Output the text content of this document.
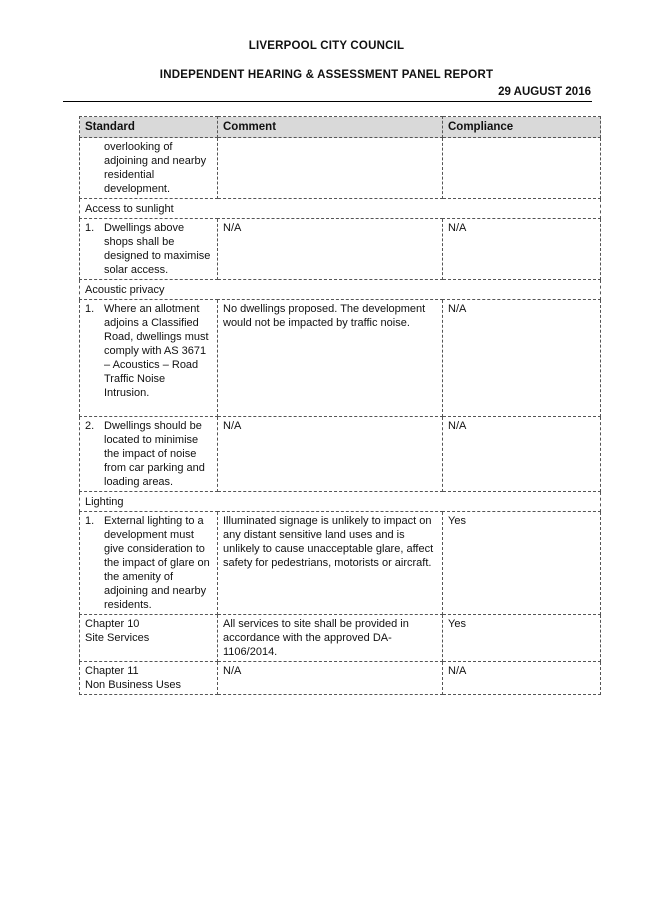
LIVERPOOL CITY COUNCIL
INDEPENDENT HEARING & ASSESSMENT PANEL REPORT
29 AUGUST 2016
Standard	Comment	Compliance

overlooking of adjoining and nearby residential development.		

Access to sunlight		

1. Dwellings above shops shall be designed to maximise solar access.	N/A	N/A
Acoustic privacy		

1. Where an allotment adjoins a Classified Road, dwellings must comply with AS 3671 – Acoustics – Road Traffic Noise Intrusion.	No dwellings proposed. The development would not be impacted by traffic noise.	N/A

2. Dwellings should be located to minimise the impact of noise from car parking and loading areas.	N/A	N/A
Lighting		

1. External lighting to a development must give consideration to the impact of glare on the amenity of adjoining and nearby residents.	Illuminated signage is unlikely to impact on any distant sensitive land uses and is unlikely to cause unacceptable glare, affect safety for pedestrians, motorists or aircraft.	Yes

Chapter 10
Site Services	All services to site shall be provided in accordance with the approved DA-1106/2014.	Yes

Chapter 11
Non Business Uses	N/A	N/A
